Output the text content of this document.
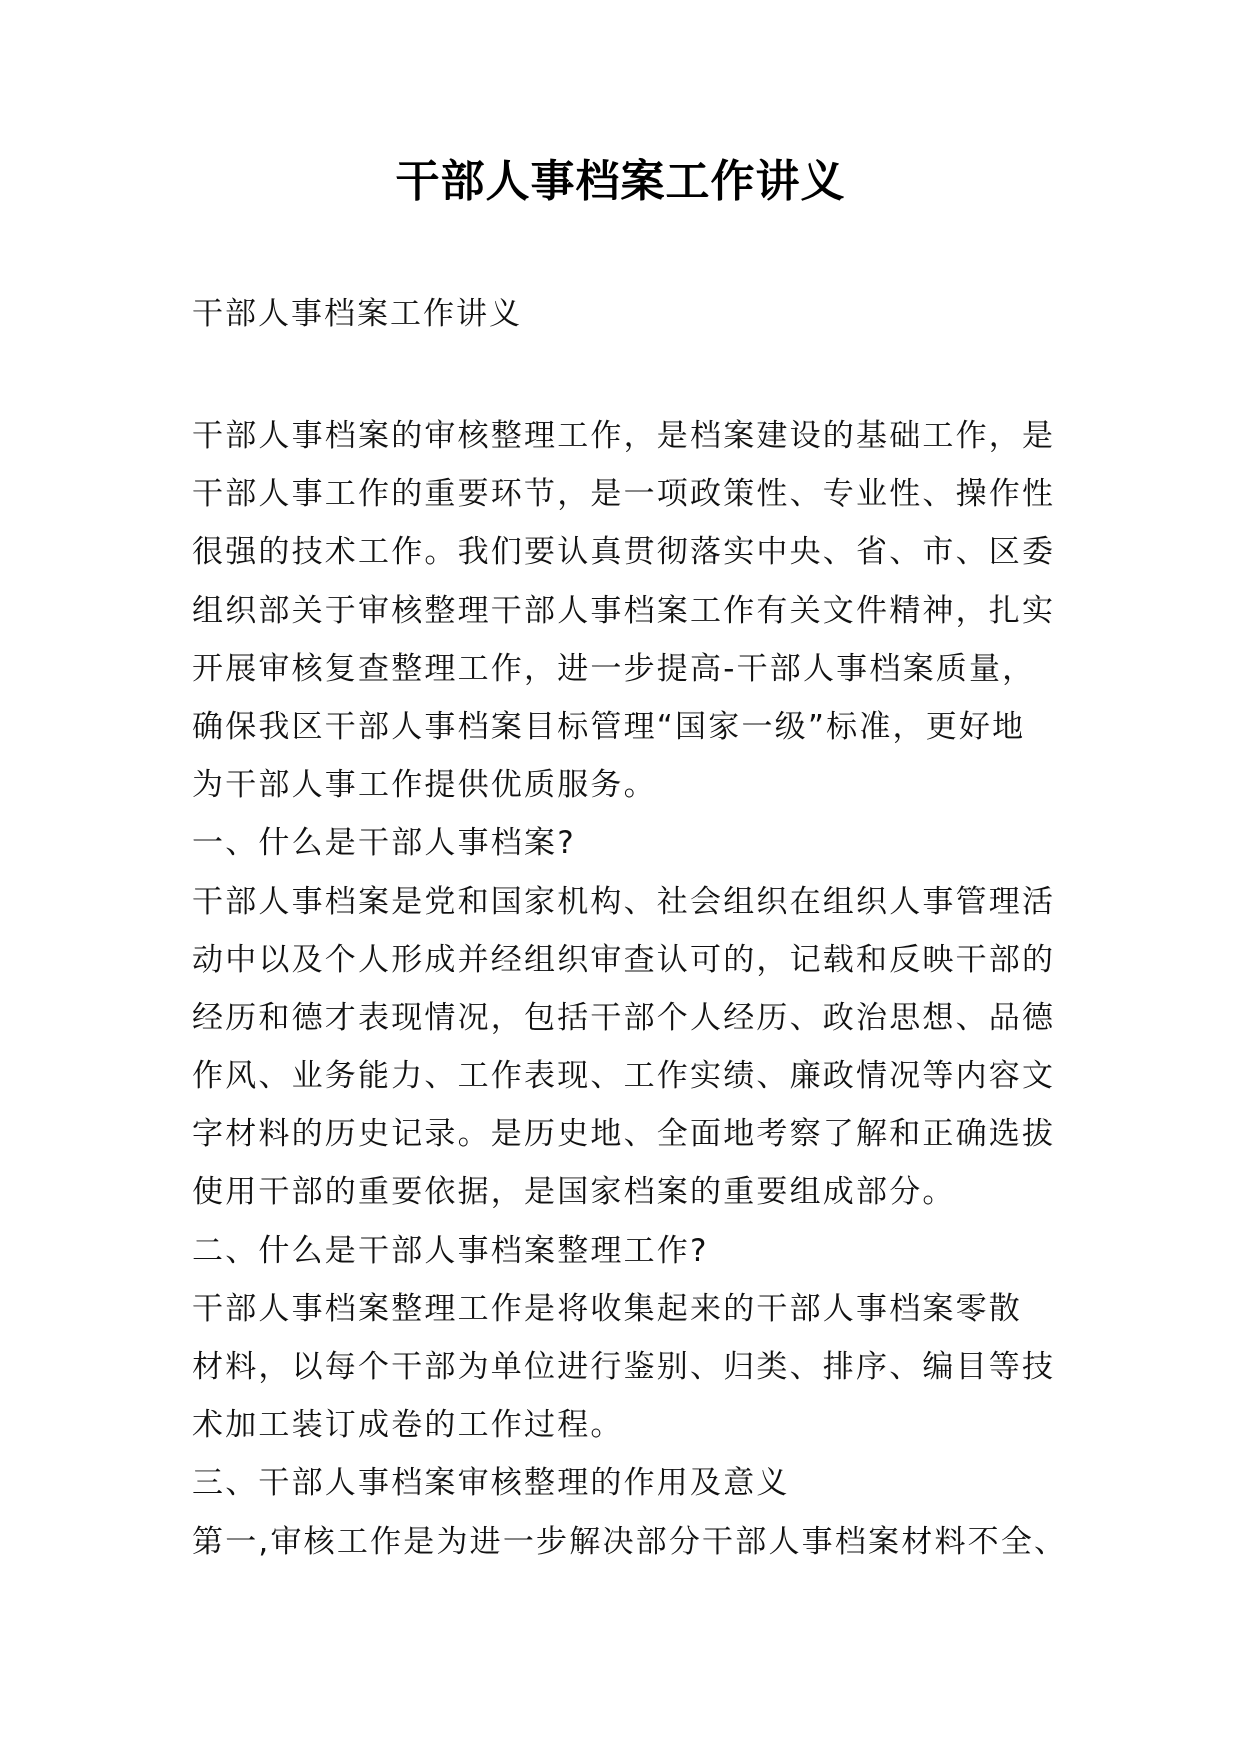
干部人事档案工作讲义
干部人事档案工作讲义
干部人事档案的审核整理工作，是档案建设的基础工作，是
干部人事工作的重要环节，是一项政策性、专业性、操作性
很强的技术工作。我们要认真贯彻落实中央、省、市、区委
组织部关于审核整理干部人事档案工作有关文件精神，扎实
开展审核复查整理工作，进一步提高-干部人事档案质量，
确保我区干部人事档案目标管理“国家一级”标准，更好地
为干部人事工作提供优质服务。
一、什么是干部人事档案?
干部人事档案是党和国家机构、社会组织在组织人事管理活
动中以及个人形成并经组织审查认可的，记载和反映干部的
经历和德才表现情况，包括干部个人经历、政治思想、品德
作风、业务能力、工作表现、工作实绩、廉政情况等内容文
字材料的历史记录。是历史地、全面地考察了解和正确选拔
使用干部的重要依据，是国家档案的重要组成部分。
二、什么是干部人事档案整理工作?
干部人事档案整理工作是将收集起来的干部人事档案零散
材料，以每个干部为单位进行鉴别、归类、排序、编目等技
术加工装订成卷的工作过程。
三、干部人事档案审核整理的作用及意义
第一,审核工作是为进一步解决部分干部人事档案材料不全、
